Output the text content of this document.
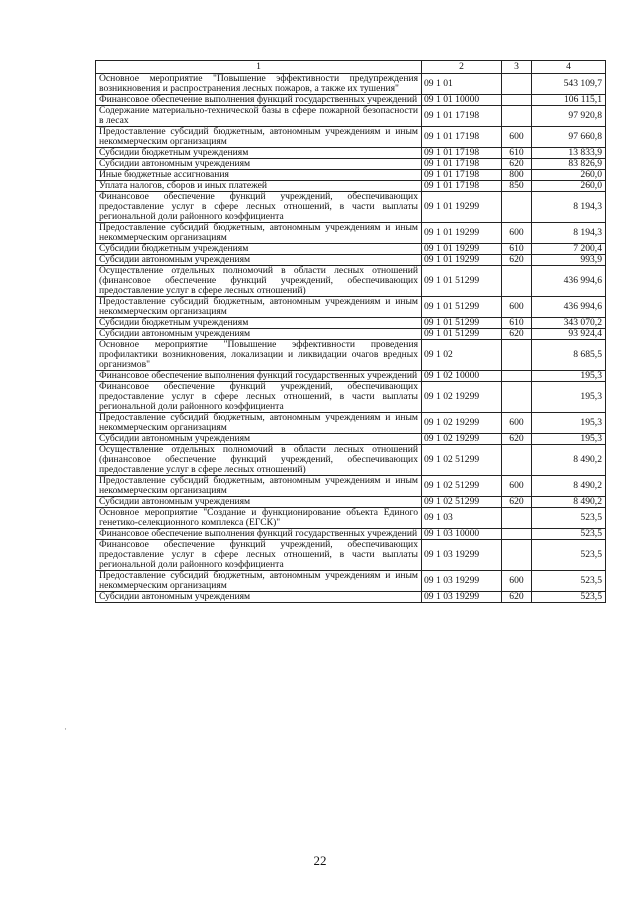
1	2	3	4
Основное мероприятие "Повышение эффективности предупреждения возникновения и распространения лесных пожаров, а также их тушения"	09 1 01		543 109,7
Финансовое обеспечение выполнения функций государственных учреждений	09 1 01 10000		106 115,1
Содержание материально-технической базы в сфере пожарной безопасности в лесах	09 1 01 17198		97 920,8
Предоставление субсидий бюджетным, автономным учреждениям и иным некоммерческим организациям	09 1 01 17198	600	97 660,8
Субсидии бюджетным учреждениям	09 1 01 17198	610	13 833,9
Субсидии автономным учреждениям	09 1 01 17198	620	83 826,9
Иные бюджетные ассигнования	09 1 01 17198	800	260,0
Уплата налогов, сборов и иных платежей	09 1 01 17198	850	260,0
Финансовое обеспечение функций учреждений, обеспечивающих предоставление услуг в сфере лесных отношений, в части выплаты региональной доли районного коэффициента	09 1 01 19299		8 194,3
Предоставление субсидий бюджетным, автономным учреждениям и иным некоммерческим организациям	09 1 01 19299	600	8 194,3
Субсидии бюджетным учреждениям	09 1 01 19299	610	7 200,4
Субсидии автономным учреждениям	09 1 01 19299	620	993,9
Осуществление отдельных полномочий в области лесных отношений (финансовое обеспечение функций учреждений, обеспечивающих предоставление услуг в сфере лесных отношений)	09 1 01 51299		436 994,6
Предоставление субсидий бюджетным, автономным учреждениям и иным некоммерческим организациям	09 1 01 51299	600	436 994,6
Субсидии бюджетным учреждениям	09 1 01 51299	610	343 070,2
Субсидии автономным учреждениям	09 1 01 51299	620	93 924,4
Основное мероприятие "Повышение эффективности проведения профилактики возникновения, локализации и ликвидации очагов вредных организмов"	09 1 02		8 685,5
Финансовое обеспечение выполнения функций государственных учреждений	09 1 02 10000		195,3
Финансовое обеспечение функций учреждений, обеспечивающих предоставление услуг в сфере лесных отношений, в части выплаты региональной доли районного коэффициента	09 1 02 19299		195,3
Предоставление субсидий бюджетным, автономным учреждениям и иным некоммерческим организациям	09 1 02 19299	600	195,3
Субсидии автономным учреждениям	09 1 02 19299	620	195,3
Осуществление отдельных полномочий в области лесных отношений (финансовое обеспечение функций учреждений, обеспечивающих предоставление услуг в сфере лесных отношений)	09 1 02 51299		8 490,2
Предоставление субсидий бюджетным, автономным учреждениям и иным некоммерческим организациям	09 1 02 51299	600	8 490,2
Субсидии автономным учреждениям	09 1 02 51299	620	8 490,2
Основное мероприятие "Создание и функционирование объекта Единого генетико-селекционного комплекса (ЕГСК)"	09 1 03		523,5
Финансовое обеспечение выполнения функций государственных учреждений	09 1 03 10000		523,5
Финансовое обеспечение функций учреждений, обеспечивающих предоставление услуг в сфере лесных отношений, в части выплаты региональной доли районного коэффициента	09 1 03 19299		523,5
Предоставление субсидий бюджетным, автономным учреждениям и иным некоммерческим организациям	09 1 03 19299	600	523,5
Субсидии автономным учреждениям	09 1 03 19299	620	523,5
·
22
